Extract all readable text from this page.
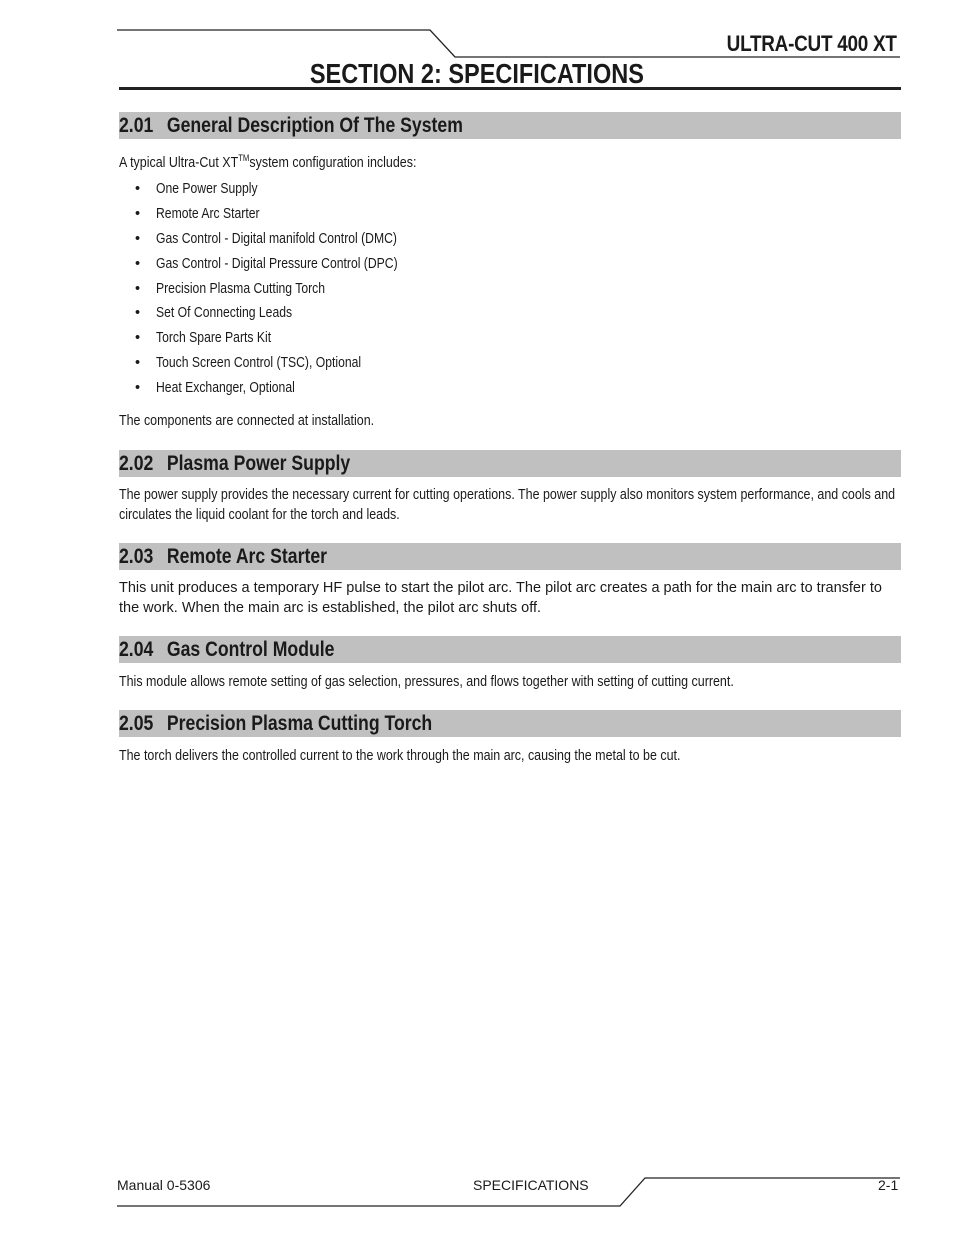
ULTRA-CUT 400 XT
SECTION 2: SPECIFICATIONS
2.01 General Description Of The System

A typical Ultra-Cut XT™system configuration includes:

• One Power Supply
• Remote Arc Starter
• Gas Control - Digital manifold Control (DMC)
• Gas Control - Digital Pressure Control (DPC)
• Precision Plasma Cutting Torch
• Set Of Connecting Leads
• Torch Spare Parts Kit
• Touch Screen Control (TSC), Optional
• Heat Exchanger, Optional

The components are connected at installation.

2.02 Plasma Power Supply

The power supply provides the necessary current for cutting operations. The power supply also monitors system performance, and cools and circulates the liquid coolant for the torch and leads.

2.03 Remote Arc Starter

This unit produces a temporary HF pulse to start the pilot arc. The pilot arc creates a path for the main arc to transfer to the work. When the main arc is established, the pilot arc shuts off.

2.04 Gas Control Module

This module allows remote setting of gas selection, pressures, and flows together with setting of cutting current.

2.05 Precision Plasma Cutting Torch

The torch delivers the controlled current to the work through the main arc, causing the metal to be cut.

Manual 0-5306	SPECIFICATIONS	2-1
